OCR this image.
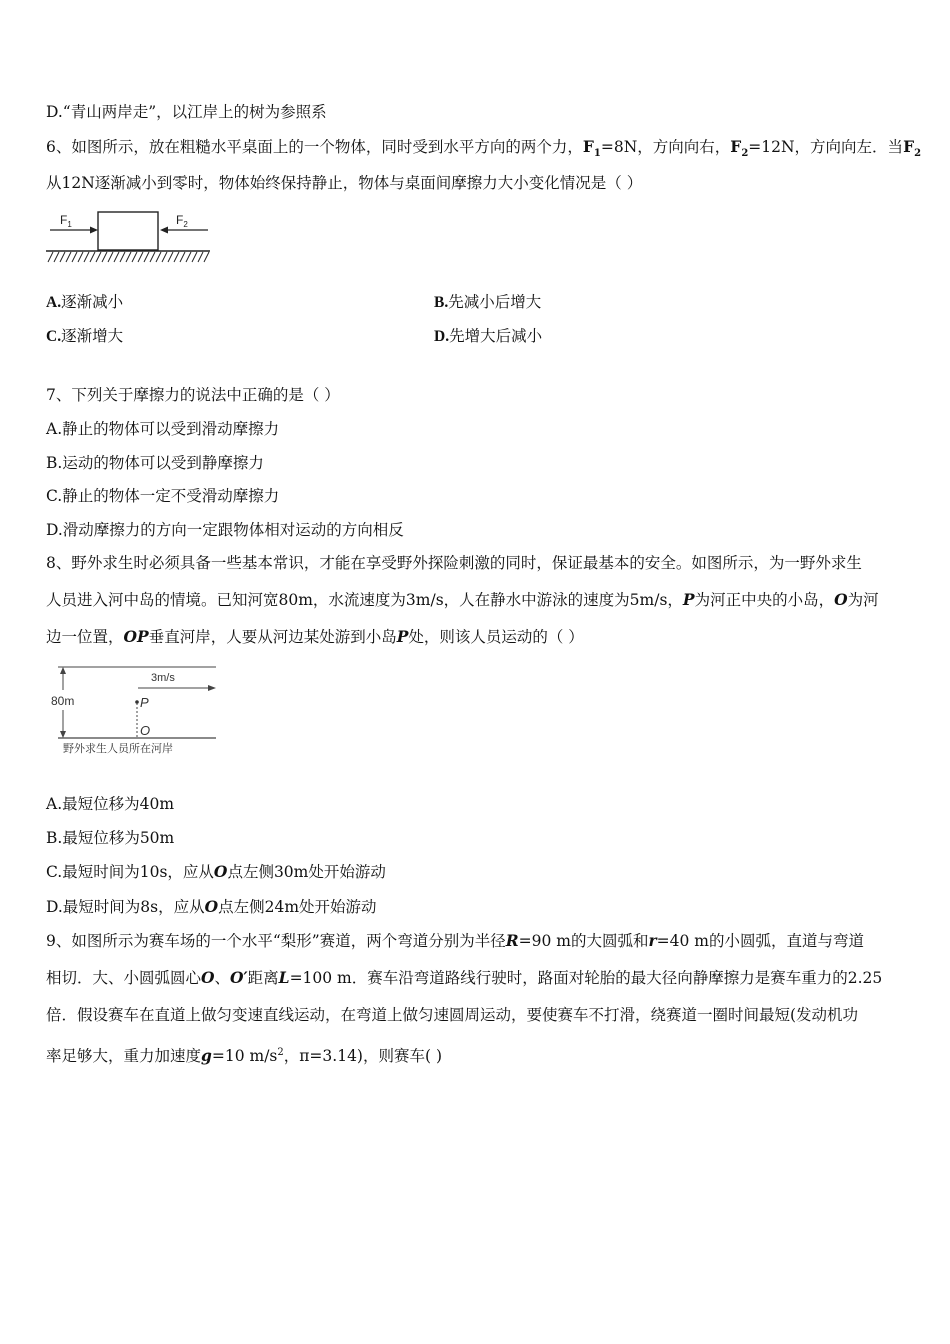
D.“青山两岸走”，以江岸上的树为参照系
6、如图所示，放在粗糙水平桌面上的一个物体，同时受到水平方向的两个力，$F_1=8N$，方向向右，$F_2=12N$，方向向左．当$F_2$
从12N逐渐减小到零时，物体始终保持静止，物体与桌面间摩擦力大小变化情况是（ ）
$F_1$	$F_2$
A.逐渐减小	B.先减小后增大
C.逐渐增大	D.先增大后减小
7、下列关于摩擦力的说法中正确的是（ ）
A.静止的物体可以受到滑动摩擦力
B.运动的物体可以受到静摩擦力
C.静止的物体一定不受滑动摩擦力
D.滑动摩擦力的方向一定跟物体相对运动的方向相反
8、野外求生时必须具备一些基本常识，才能在享受野外探险刺激的同时，保证最基本的安全。如图所示，为一野外求生
人员进入河中岛的情境。已知河宽80m，水流速度为3m/s，人在静水中游泳的速度为5m/s，P为河正中央的小岛，O为河
边一位置，OP垂直河岸，人要从河边某处游到小岛P处，则该人员运动的（ ）
80m
3m/s
P
O
野外求生人员所在河岸
A.最短位移为40m
B.最短位移为50m
C.最短时间为10s，应从O点左侧30m处开始游动
D.最短时间为8s，应从O点左侧24m处开始游动
9、如图所示为赛车场的一个水平“梨形”赛道，两个弯道分别为半径R=90 m的大圆弧和r=40 m的小圆弧，直道与弯道
相切．大、小圆弧圆心O、O′距离L=100 m．赛车沿弯道路线行驶时，路面对轮胎的最大径向静摩擦力是赛车重力的2.25
倍．假设赛车在直道上做匀变速直线运动，在弯道上做匀速圆周运动，要使赛车不打滑，绕赛道一圈时间最短(发动机功
率足够大，重力加速度g=10 $m/s^2$，π=3.14)，则赛车( )
